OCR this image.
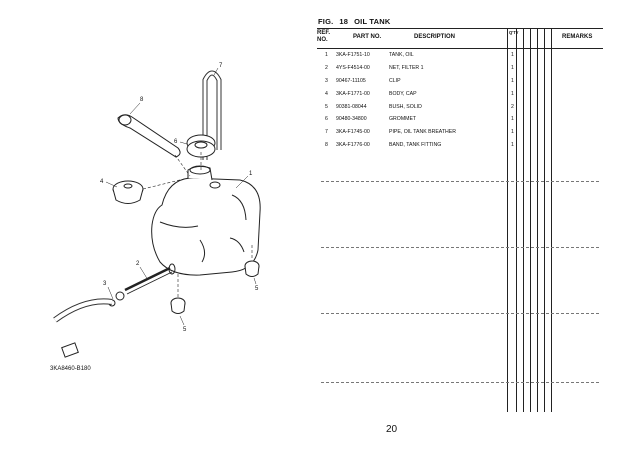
1
2
3
4
5
5
6
7
8
3KA8460-B180
FIG. 18 OIL TANK
REF.
NO.	PART NO.	DESCRIPTION
Q'TY
REMARKS
1 3KA-F1751-10	TANK, OIL	1
2 4YS-F4514-00	NET, FILTER 1	1
3 90467-11105	CLIP	1
4 3KA-F1771-00	BODY, CAP	1
5 90381-08044	BUSH, SOLID	2
6 90480-34800	GROMMET	1
7 3KA-F1745-00	PIPE, OIL TANK BREATHER	1
8 3KA-F1776-00	BAND, TANK FITTING	1
20
